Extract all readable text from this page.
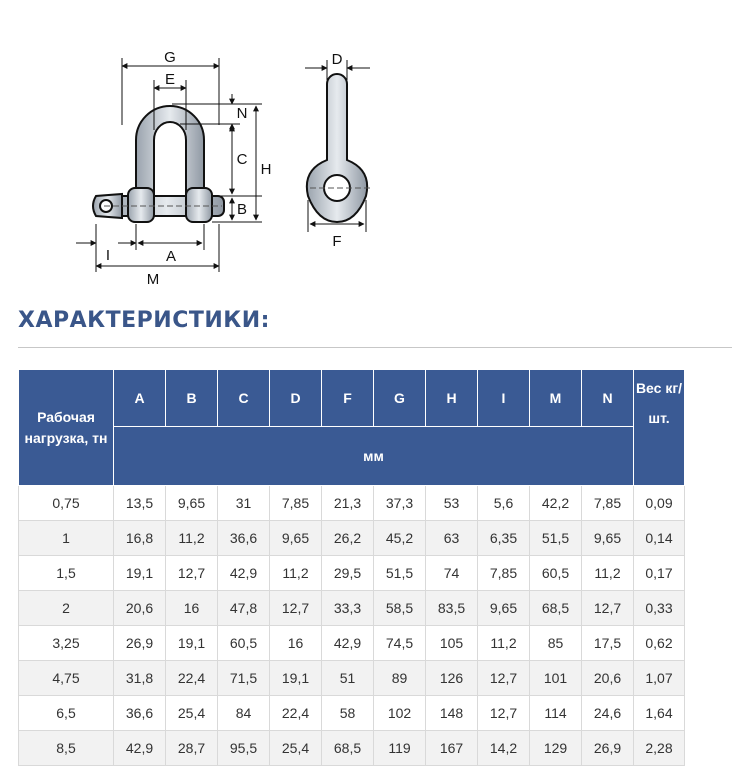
G
E
N
C
H
B
I	A
M
D
F
ХАРАКТЕРИСТИКИ:
Рабочая нагрузка, тн	A	B	C	D	F	G	H	I	M	N	Вес кг/шт.
	мм										
0,75	13,5	9,65	31	7,85	21,3	37,3	53	5,6	42,2	7,85	0,09
1	16,8	11,2	36,6	9,65	26,2	45,2	63	6,35	51,5	9,65	0,14
1,5	19,1	12,7	42,9	11,2	29,5	51,5	74	7,85	60,5	11,2	0,17
2	20,6	16	47,8	12,7	33,3	58,5	83,5	9,65	68,5	12,7	0,33
3,25	26,9	19,1	60,5	16	42,9	74,5	105	11,2	85	17,5	0,62
4,75	31,8	22,4	71,5	19,1	51	89	126	12,7	101	20,6	1,07
6,5	36,6	25,4	84	22,4	58	102	148	12,7	114	24,6	1,64
8,5	42,9	28,7	95,5	25,4	68,5	119	167	14,2	129	26,9	2,28
